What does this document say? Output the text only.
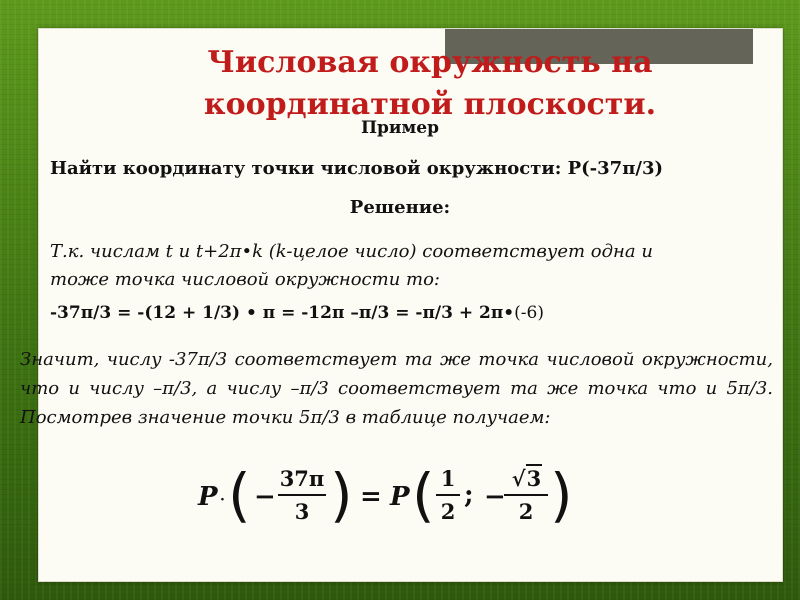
Числовая окружность на
координатной плоскости.
Пример
Найти координату точки числовой окружности: P(-37π/3)
Решение:
Т.к. числам t и t+2π•k (k-целое число) соответствует одна и
тоже точка числовой окружности то:
-37π/3 = -(12 + 1/3) • π = -12π –π/3 = -π/3 + 2π•(-6)
Значит, числу -37π/3 соответствует та же точка числовой окружности, что и числу –π/3, а числу –π/3 соответствует та же точка что и 5π/3. Посмотрев значение точки 5π/3 в таблице получаем:
P · ( −
37π
3 ) = P ( 1
2
; −
√3
2 )
